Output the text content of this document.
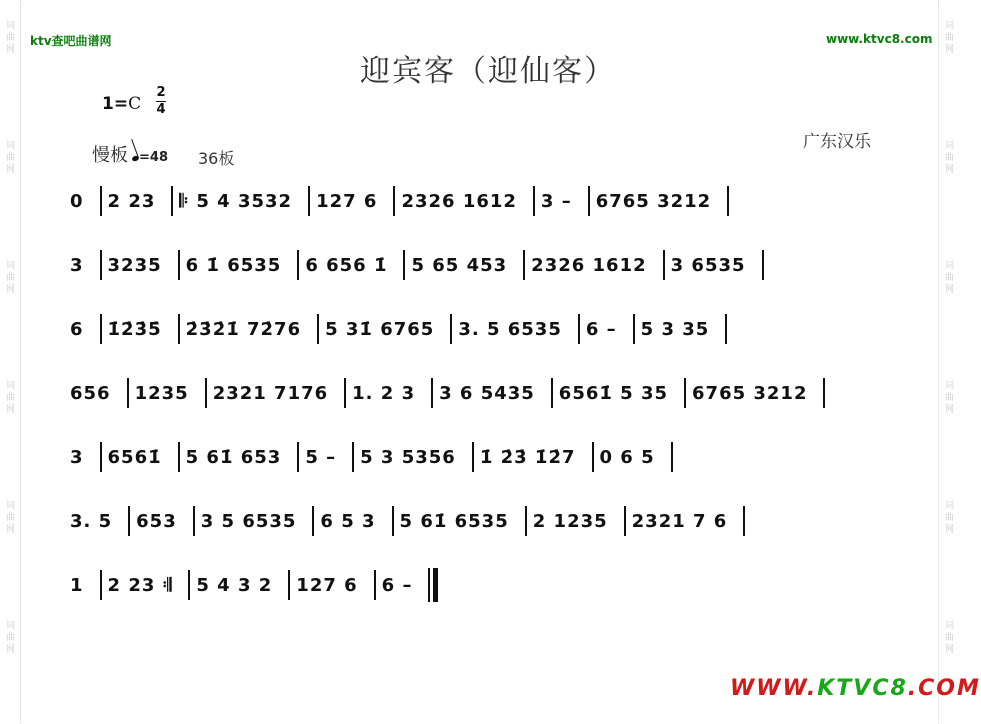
词曲网
词曲网
词曲网
词曲网
词曲网
词曲网
词曲网
词曲网
词曲网
词曲网
词曲网
词曲网
ktv查吧曲谱网	www.ktvc8.com
迎宾客（迎仙客）
1=C
2
4
慢板 =48 36板
广东汉乐
0 2 23 𝄆 5 4 3532 127 6 2326 1612 3 – 6765 3212
3 3235 6 1̇ 6535 6 656 1̇ 5 65 453 2326 1612 3 6535
6 1̇2̇3̇5̇ 2̇3̇2̇1̇ 72̇76 5 31̇ 6765 3. 5 6535 6 – 5 3 35
656 1235 2321 7176 1. 2 3 3 6 5435 6561̇ 5 35 6765 3212
3 6561̇ 5 61̇ 653 5 – 5 3 5356 1̇ 2̇3̇ 1̇2̇7 0 6 5
3. 5 653 3 5 6535 6 5 3 5 61̇ 6535 2 1235 2321 7 6
1 2 23 𝄇 5 4 3 2 127 6 6 –
WWW.KTVC8.COM
